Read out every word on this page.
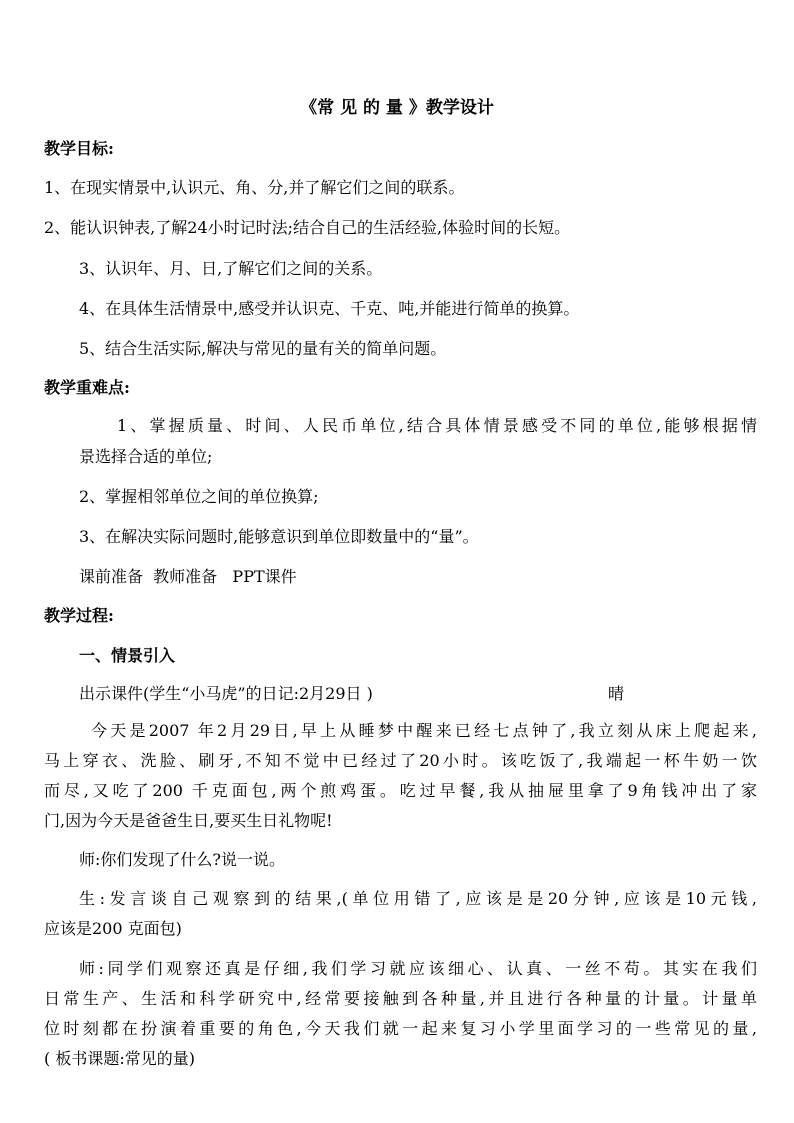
《常 见 的 量 》教学设计
教学目标:
1、在现实情景中,认识元、角、分,并了解它们之间的联系。
2、能认识钟表,了解24小时记时法;结合自己的生活经验,体验时间的长短。
3、认识年、月、日,了解它们之间的关系。
4、在具体生活情景中,感受并认识克、千克、吨,并能进行简单的换算。
5、结合生活实际,解决与常见的量有关的简单问题。
教学重难点:
1、掌握质量、时间、人民币单位,结合具体情景感受不同的单位,能够根据情
景选择合适的单位;
2、掌握相邻单位之间的单位换算;
3、在解决实际问题时,能够意识到单位即数量中的“量”。
课前准备  教师准备   PPT课件
教学过程:
一、情景引入
出示课件(学生“小马虎”的日记:2月29日 )	晴
今天是2007 年2月29日,早上从睡梦中醒来已经七点钟了,我立刻从床上爬起来,
马上穿衣、洗脸、刷牙,不知不觉中已经过了20小时。该吃饭了,我端起一杯牛奶一饮
而尽,又吃了200 千克面包,两个煎鸡蛋。吃过早餐,我从抽屉里拿了9角钱冲出了家
门,因为今天是爸爸生日,要买生日礼物呢!
师:你们发现了什么?说一说。
生:发言谈自己观察到的结果,(单位用错了,应该是是20分钟,应该是10元钱,
应该是200 克面包)
师:同学们观察还真是仔细,我们学习就应该细心、认真、一丝不苟。其实在我们
日常生产、生活和科学研究中,经常要接触到各种量,并且进行各种量的计量。计量单
位时刻都在扮演着重要的角色,今天我们就一起来复习小学里面学习的一些常见的量,
( 板书课题:常见的量)
